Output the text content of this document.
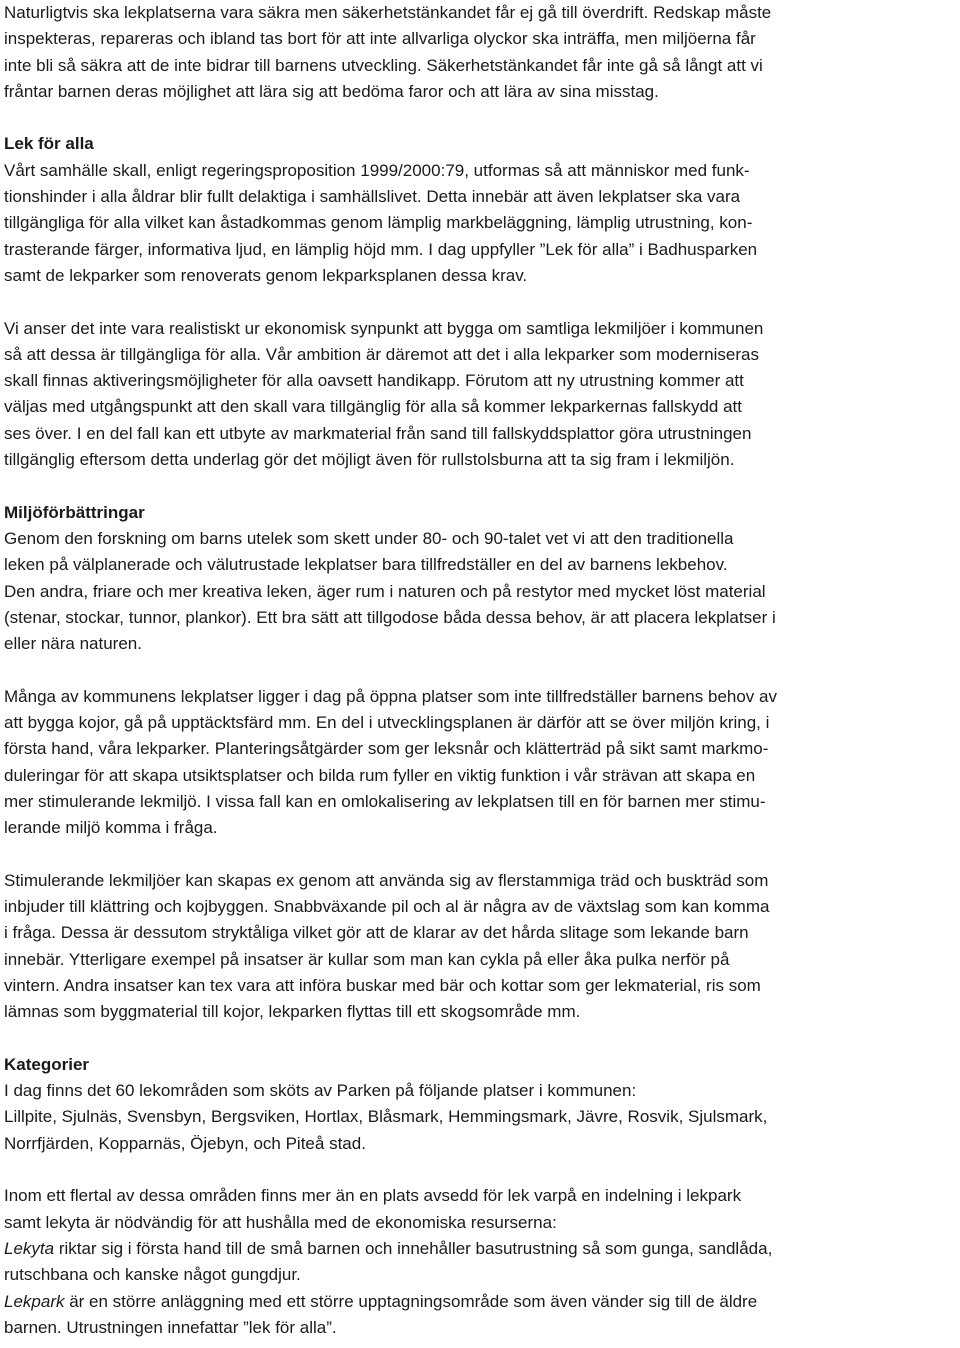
Naturligtvis ska lekplatserna vara säkra men säkerhetstänkandet får ej gå till överdrift. Redskap måste
inspekteras, repareras och ibland tas bort för att inte allvarliga olyckor ska inträffa, men miljöerna får
inte bli så säkra att de inte bidrar till barnens utveckling. Säkerhetstänkandet får inte gå så långt att vi
fråntar barnen deras möjlighet att lära sig att bedöma faror och att lära av sina misstag.

Lek för alla
Vårt samhälle skall, enligt regeringsproposition 1999/2000:79, utformas så att människor med funk-
tionshinder i alla åldrar blir fullt delaktiga i samhällslivet. Detta innebär att även lekplatser ska vara
tillgängliga för alla vilket kan åstadkommas genom lämplig markbeläggning, lämplig utrustning, kon-
trasterande färger, informativa ljud, en lämplig höjd mm. I dag uppfyller ”Lek för alla” i Badhusparken
samt de lekparker som renoverats genom lekparksplanen dessa krav.

Vi anser det inte vara realistiskt ur ekonomisk synpunkt att bygga om samtliga lekmiljöer i kommunen
så att dessa är tillgängliga för alla. Vår ambition är däremot att det i alla lekparker som moderniseras
skall finnas aktiveringsmöjligheter för alla oavsett handikapp. Förutom att ny utrustning kommer att
väljas med utgångspunkt att den skall vara tillgänglig för alla så kommer lekparkernas fallskydd att
ses över. I en del fall kan ett utbyte av markmaterial från sand till fallskyddsplattor göra utrustningen
tillgänglig eftersom detta underlag gör det möjligt även för rullstolsburna att ta sig fram i lekmiljön.

Miljöförbättringar
Genom den forskning om barns utelek som skett under 80- och 90-talet vet vi att den traditionella
leken på välplanerade och välutrustade lekplatser bara tillfredställer en del av barnens lekbehov.
Den andra, friare och mer kreativa leken, äger rum i naturen och på restytor med mycket löst material
(stenar, stockar, tunnor, plankor). Ett bra sätt att tillgodose båda dessa behov, är att placera lekplatser i
eller nära naturen.

Många av kommunens lekplatser ligger i dag på öppna platser som inte tillfredställer barnens behov av
att bygga kojor, gå på upptäcktsfärd mm. En del i utvecklingsplanen är därför att se över miljön kring, i
första hand, våra lekparker. Planteringsåtgärder som ger leksnår och klätterträd på sikt samt markmo-
duleringar för att skapa utsiktsplatser och bilda rum fyller en viktig funktion i vår strävan att skapa en
mer stimulerande lekmiljö. I vissa fall kan en omlokalisering av lekplatsen till en för barnen mer stimu-
lerande miljö komma i fråga.

Stimulerande lekmiljöer kan skapas ex genom att använda sig av flerstammiga träd och buskträd som
inbjuder till klättring och kojbyggen. Snabbväxande pil och al är några av de växtslag som kan komma
i fråga. Dessa är dessutom stryktåliga vilket gör att de klarar av det hårda slitage som lekande barn
innebär. Ytterligare exempel på insatser är kullar som man kan cykla på eller åka pulka nerför på
vintern. Andra insatser kan tex vara att införa buskar med bär och kottar som ger lekmaterial, ris som
lämnas som byggmaterial till kojor, lekparken flyttas till ett skogsområde mm.

Kategorier
I dag finns det 60 lekområden som sköts av Parken på följande platser i kommunen:
Lillpite, Sjulnäs, Svensbyn, Bergsviken, Hortlax, Blåsmark, Hemmingsmark, Jävre, Rosvik, Sjulsmark,
Norrfjärden, Kopparnäs, Öjebyn, och Piteå stad.

Inom ett flertal av dessa områden finns mer än en plats avsedd för lek varpå en indelning i lekpark
samt lekyta är nödvändig för att hushålla med de ekonomiska resurserna:
Lekyta riktar sig i första hand till de små barnen och innehåller basutrustning så som gunga, sandlåda,
rutschbana och kanske något gungdjur.
Lekpark är en större anläggning med ett större upptagningsområde som även vänder sig till de äldre
barnen. Utrustningen innefattar ”lek för alla”.
